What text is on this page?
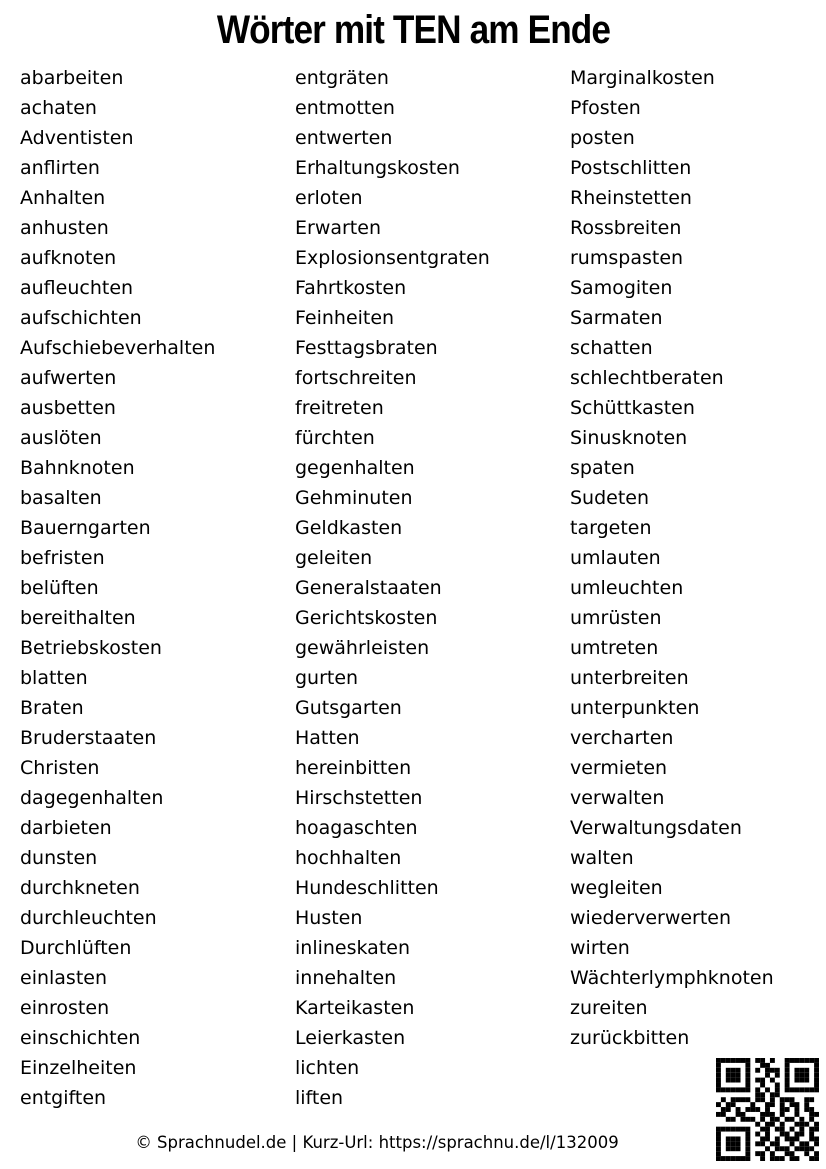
Wörter mit TEN am Ende
abarbeiten
achaten
Adventisten
anflirten
Anhalten
anhusten
aufknoten
aufleuchten
aufschichten
Aufschiebeverhalten
aufwerten
ausbetten
auslöten
Bahnknoten
basalten
Bauerngarten
befristen
belüften
bereithalten
Betriebskosten
blatten
Braten
Bruderstaaten
Christen
dagegenhalten
darbieten
dunsten
durchkneten
durchleuchten
Durchlüften
einlasten
einrosten
einschichten
Einzelheiten
entgiften
entgräten
entmotten
entwerten
Erhaltungskosten
erloten
Erwarten
Explosionsentgraten
Fahrtkosten
Feinheiten
Festtagsbraten
fortschreiten
freitreten
fürchten
gegenhalten
Gehminuten
Geldkasten
geleiten
Generalstaaten
Gerichtskosten
gewährleisten
gurten
Gutsgarten
Hatten
hereinbitten
Hirschstetten
hoagaschten
hochhalten
Hundeschlitten
Husten
inlineskaten
innehalten
Karteikasten
Leierkasten
lichten
liften
Marginalkosten
Pfosten
posten
Postschlitten
Rheinstetten
Rossbreiten
rumspasten
Samogiten
Sarmaten
schatten
schlechtberaten
Schüttkasten
Sinusknoten
spaten
Sudeten
targeten
umlauten
umleuchten
umrüsten
umtreten
unterbreiten
unterpunkten
vercharten
vermieten
verwalten
Verwaltungsdaten
walten
wegleiten
wiederverwerten
wirten
Wächterlymphknoten
zureiten
zurückbitten
© Sprachnudel.de | Kurz-Url: https://sprachnu.de/l/132009
